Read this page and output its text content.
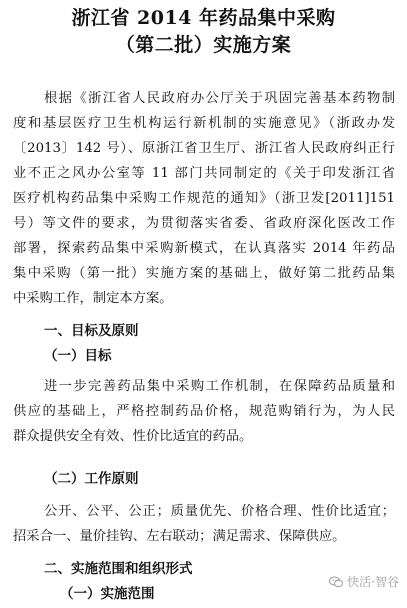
浙江省 2014 年药品集中采购
（第二批）实施方案
根据《浙江省人民政府办公厅关于巩固完善基本药物制
度和基层医疗卫生机构运行新机制的实施意见》（浙政办发
〔2013〕142 号）、原浙江省卫生厅、浙江省人民政府纠正行
业不正之风办公室等 11 部门共同制定的《关于印发浙江省
医疗机构药品集中采购工作规范的通知》（浙卫发[2011]151
号）等文件的要求，为贯彻落实省委、省政府深化医改工作
部署，探索药品集中采购新模式，在认真落实 2014 年药品
集中采购（第一批）实施方案的基础上，做好第二批药品集
中采购工作，制定本方案。
一、目标及原则
（一）目标
进一步完善药品集中采购工作机制，在保障药品质量和
供应的基础上，严格控制药品价格，规范购销行为，为人民
群众提供安全有效、性价比适宜的药品。
（二）工作原则
公开、公平、公正；质量优先、价格合理、性价比适宜；
招采合一、量价挂钩、左右联动；满足需求、保障供应。
二、实施范围和组织形式
（一）实施范围
快活·智谷
